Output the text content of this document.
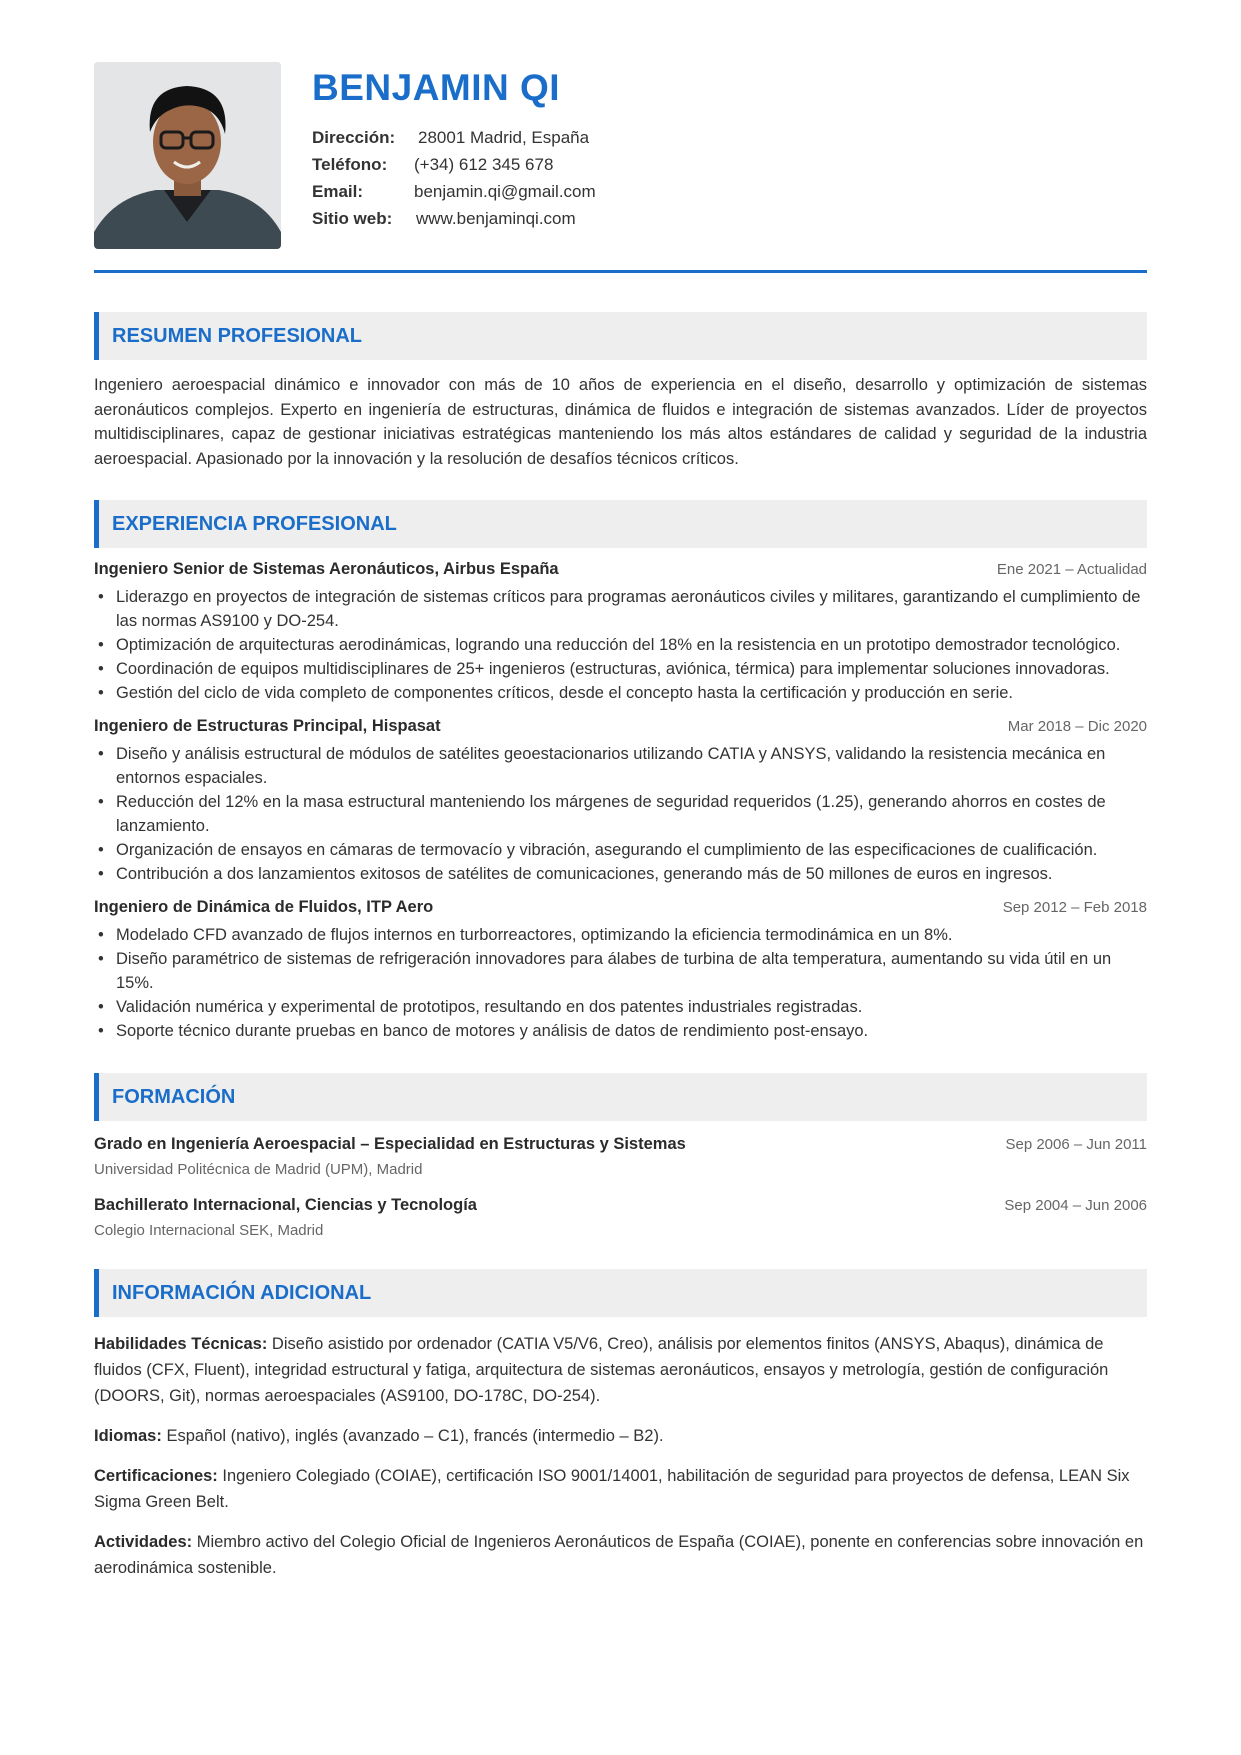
BENJAMIN QI
Dirección:	28001 Madrid, España
Teléfono:	(+34) 612 345 678
Email:	benjamin.qi@gmail.com
Sitio web:	www.benjaminqi.com
RESUMEN PROFESIONAL
Ingeniero aeroespacial dinámico e innovador con más de 10 años de experiencia en el diseño, desarrollo y optimización de sistemas aeronáuticos complejos. Experto en ingeniería de estructuras, dinámica de fluidos e integración de sistemas avanzados. Líder de proyectos multidisciplinares, capaz de gestionar iniciativas estratégicas manteniendo los más altos estándares de calidad y seguridad de la industria aeroespacial. Apasionado por la innovación y la resolución de desafíos técnicos críticos.
EXPERIENCIA PROFESIONAL
Ingeniero Senior de Sistemas Aeronáuticos, Airbus España	Ene 2021 – Actualidad
• Liderazgo en proyectos de integración de sistemas críticos para programas aeronáuticos civiles y militares, garantizando el cumplimiento de las normas AS9100 y DO-254.
• Optimización de arquitecturas aerodinámicas, logrando una reducción del 18% en la resistencia en un prototipo demostrador tecnológico.
• Coordinación de equipos multidisciplinares de 25+ ingenieros (estructuras, aviónica, térmica) para implementar soluciones innovadoras.
• Gestión del ciclo de vida completo de componentes críticos, desde el concepto hasta la certificación y producción en serie.
Ingeniero de Estructuras Principal, Hispasat	Mar 2018 – Dic 2020
• Diseño y análisis estructural de módulos de satélites geoestacionarios utilizando CATIA y ANSYS, validando la resistencia mecánica en entornos espaciales.
• Reducción del 12% en la masa estructural manteniendo los márgenes de seguridad requeridos (1.25), generando ahorros en costes de lanzamiento.
• Organización de ensayos en cámaras de termovacío y vibración, asegurando el cumplimiento de las especificaciones de cualificación.
• Contribución a dos lanzamientos exitosos de satélites de comunicaciones, generando más de 50 millones de euros en ingresos.
Ingeniero de Dinámica de Fluidos, ITP Aero	Sep 2012 – Feb 2018
• Modelado CFD avanzado de flujos internos en turborreactores, optimizando la eficiencia termodinámica en un 8%.
• Diseño paramétrico de sistemas de refrigeración innovadores para álabes de turbina de alta temperatura, aumentando su vida útil en un 15%.
• Validación numérica y experimental de prototipos, resultando en dos patentes industriales registradas.
• Soporte técnico durante pruebas en banco de motores y análisis de datos de rendimiento post-ensayo.
FORMACIÓN
Grado en Ingeniería Aeroespacial – Especialidad en Estructuras y Sistemas	Sep 2006 – Jun 2011
Universidad Politécnica de Madrid (UPM), Madrid
Bachillerato Internacional, Ciencias y Tecnología	Sep 2004 – Jun 2006
Colegio Internacional SEK, Madrid
INFORMACIÓN ADICIONAL

Habilidades Técnicas: Diseño asistido por ordenador (CATIA V5/V6, Creo), análisis por elementos finitos (ANSYS, Abaqus), dinámica de fluidos (CFX, Fluent), integridad estructural y fatiga, arquitectura de sistemas aeronáuticos, ensayos y metrología, gestión de configuración (DOORS, Git), normas aeroespaciales (AS9100, DO-178C, DO-254).

Idiomas: Español (nativo), inglés (avanzado – C1), francés (intermedio – B2).

Certificaciones: Ingeniero Colegiado (COIAE), certificación ISO 9001/14001, habilitación de seguridad para proyectos de defensa, LEAN Six Sigma Green Belt.

Actividades: Miembro activo del Colegio Oficial de Ingenieros Aeronáuticos de España (COIAE), ponente en conferencias sobre innovación en aerodinámica sostenible.
